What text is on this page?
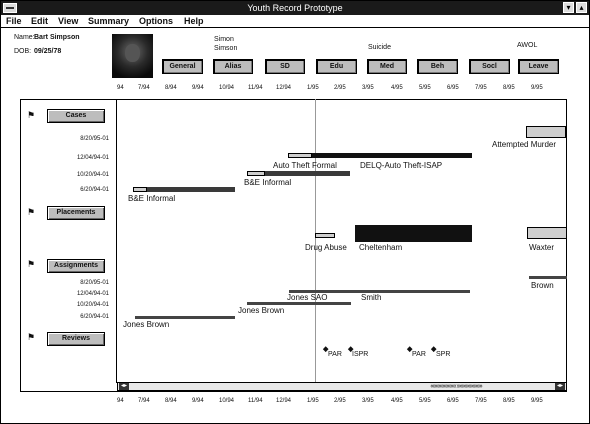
Youth Record Prototype	▾	▴
File Edit View Summary Options Help
Name: Bart Simpson
DOB: 09/25/78
Simon
Simson	Suicide	AWOL
General	Alias	SD	Edu	Med	Beh	Socl	Leave
94 7/94	8/94	9/94	10/94 11/94 12/94	1/95	2/95	3/95	4/95	5/95	6/95	7/95	8/95	9/95
⚑	Cases
⚑	Placements
⚑	Assignments
⚑	Reviews
8/20/95-01
12/04/94-01
10/20/94-01
6/20/94-01
8/20/95-01
12/04/94-01
10/20/94-01
6/20/94-01
Attempted Murder
Auto Theft Formal	DELQ-Auto Theft-ISAP
B&E Informal
B&E Informal
Drug Abuse Cheltenham	Waxter
Brown
Jones SAO	Smith
Jones Brown
Jones Brown
◆
PAR
◆
ISPR
◆
PAR
◆
SPR
◂▸	‹‹‹‹‹‹‹‹‹‹‹‹‹‹‹‹‹‹‹ ›››››››››››››››››››	◂▸
94 7/94	8/94	9/94	10/94 11/94 12/94	1/95	2/95	3/95	4/95	5/95	6/95	7/95	8/95	9/95
